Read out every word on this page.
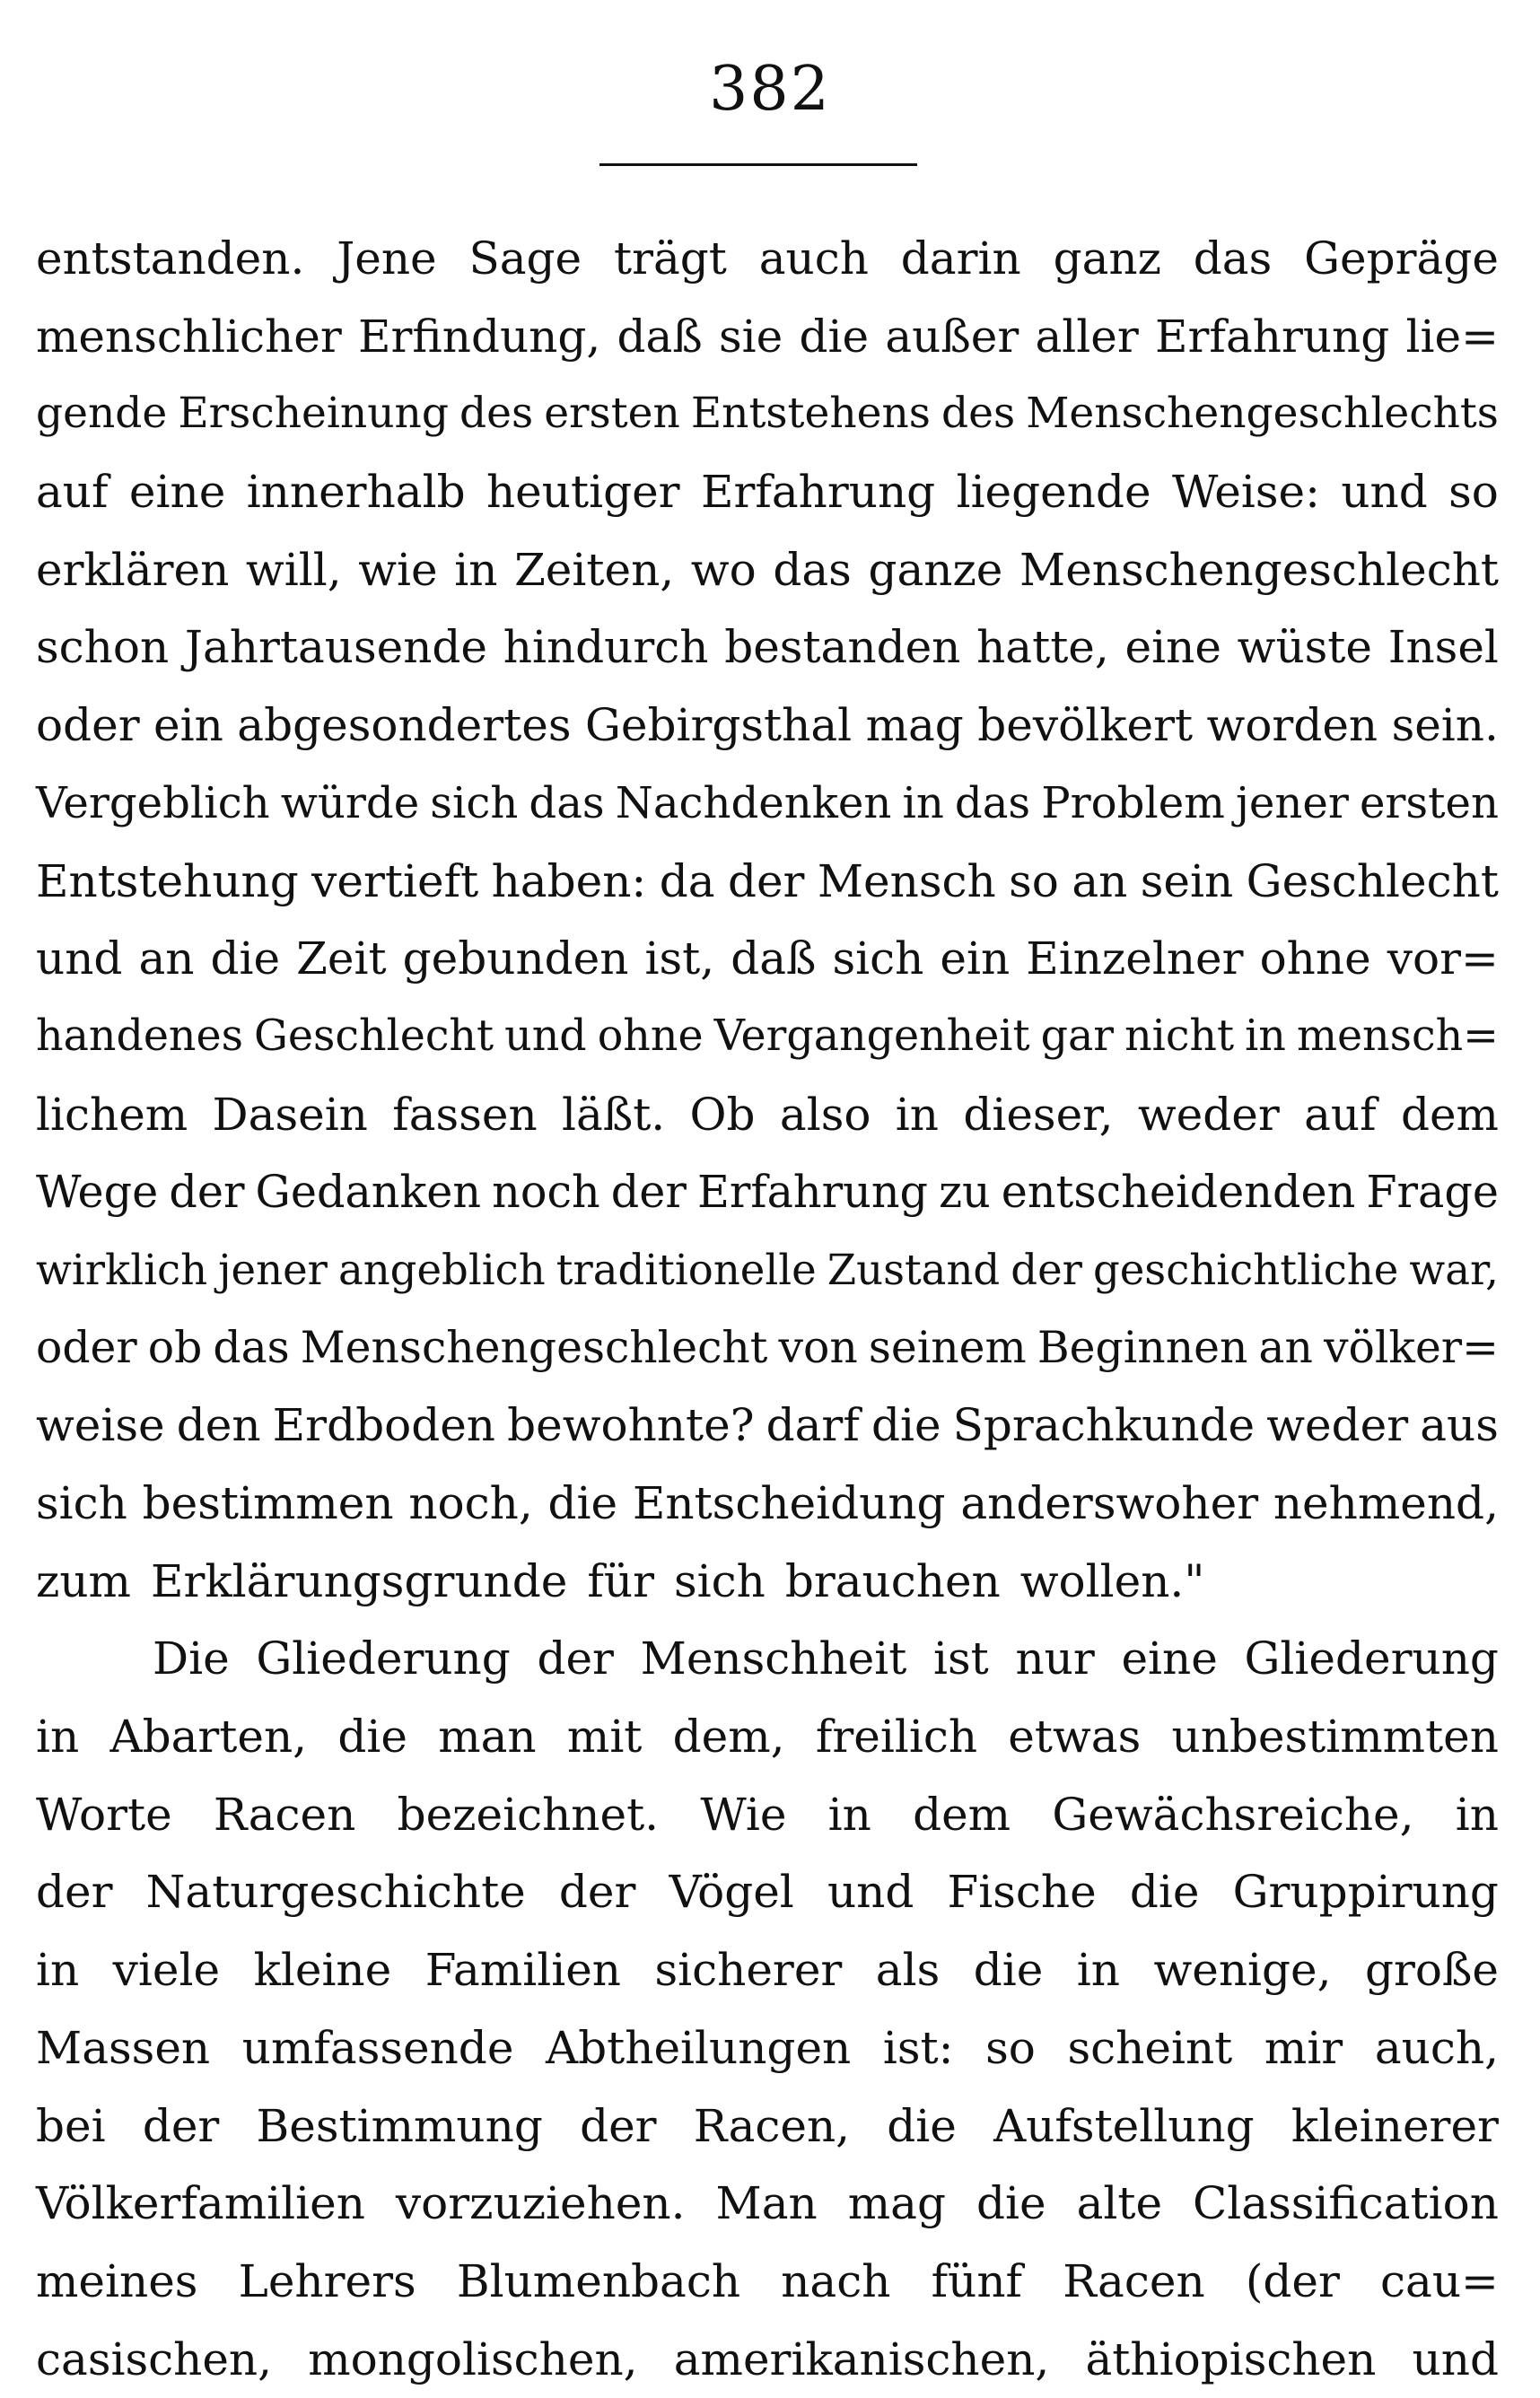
382
entstanden. Jene Sage trägt auch darin ganz das Gepräge
menschlicher Erfindung, daß sie die außer aller Erfahrung lie=
gende Erscheinung des ersten Entstehens des Menschengeschlechts
auf eine innerhalb heutiger Erfahrung liegende Weise: und so
erklären will, wie in Zeiten, wo das ganze Menschengeschlecht
schon Jahrtausende hindurch bestanden hatte, eine wüste Insel
oder ein abgesondertes Gebirgsthal mag bevölkert worden sein.
Vergeblich würde sich das Nachdenken in das Problem jener ersten
Entstehung vertieft haben: da der Mensch so an sein Geschlecht
und an die Zeit gebunden ist, daß sich ein Einzelner ohne vor=
handenes Geschlecht und ohne Vergangenheit gar nicht in mensch=
lichem Dasein fassen läßt. Ob also in dieser, weder auf dem
Wege der Gedanken noch der Erfahrung zu entscheidenden Frage
wirklich jener angeblich traditionelle Zustand der geschichtliche war,
oder ob das Menschengeschlecht von seinem Beginnen an völker=
weise den Erdboden bewohnte? darf die Sprachkunde weder aus
sich bestimmen noch, die Entscheidung anderswoher nehmend,
zum Erklärungsgrunde für sich brauchen wollen."
Die Gliederung der Menschheit ist nur eine Gliederung
in Abarten, die man mit dem, freilich etwas unbestimmten
Worte Racen bezeichnet. Wie in dem Gewächsreiche, in
der Naturgeschichte der Vögel und Fische die Gruppirung
in viele kleine Familien sicherer als die in wenige, große
Massen umfassende Abtheilungen ist: so scheint mir auch,
bei der Bestimmung der Racen, die Aufstellung kleinerer
Völkerfamilien vorzuziehen. Man mag die alte Classification
meines Lehrers Blumenbach nach fünf Racen (der cau=
casischen, mongolischen, amerikanischen, äthiopischen und
